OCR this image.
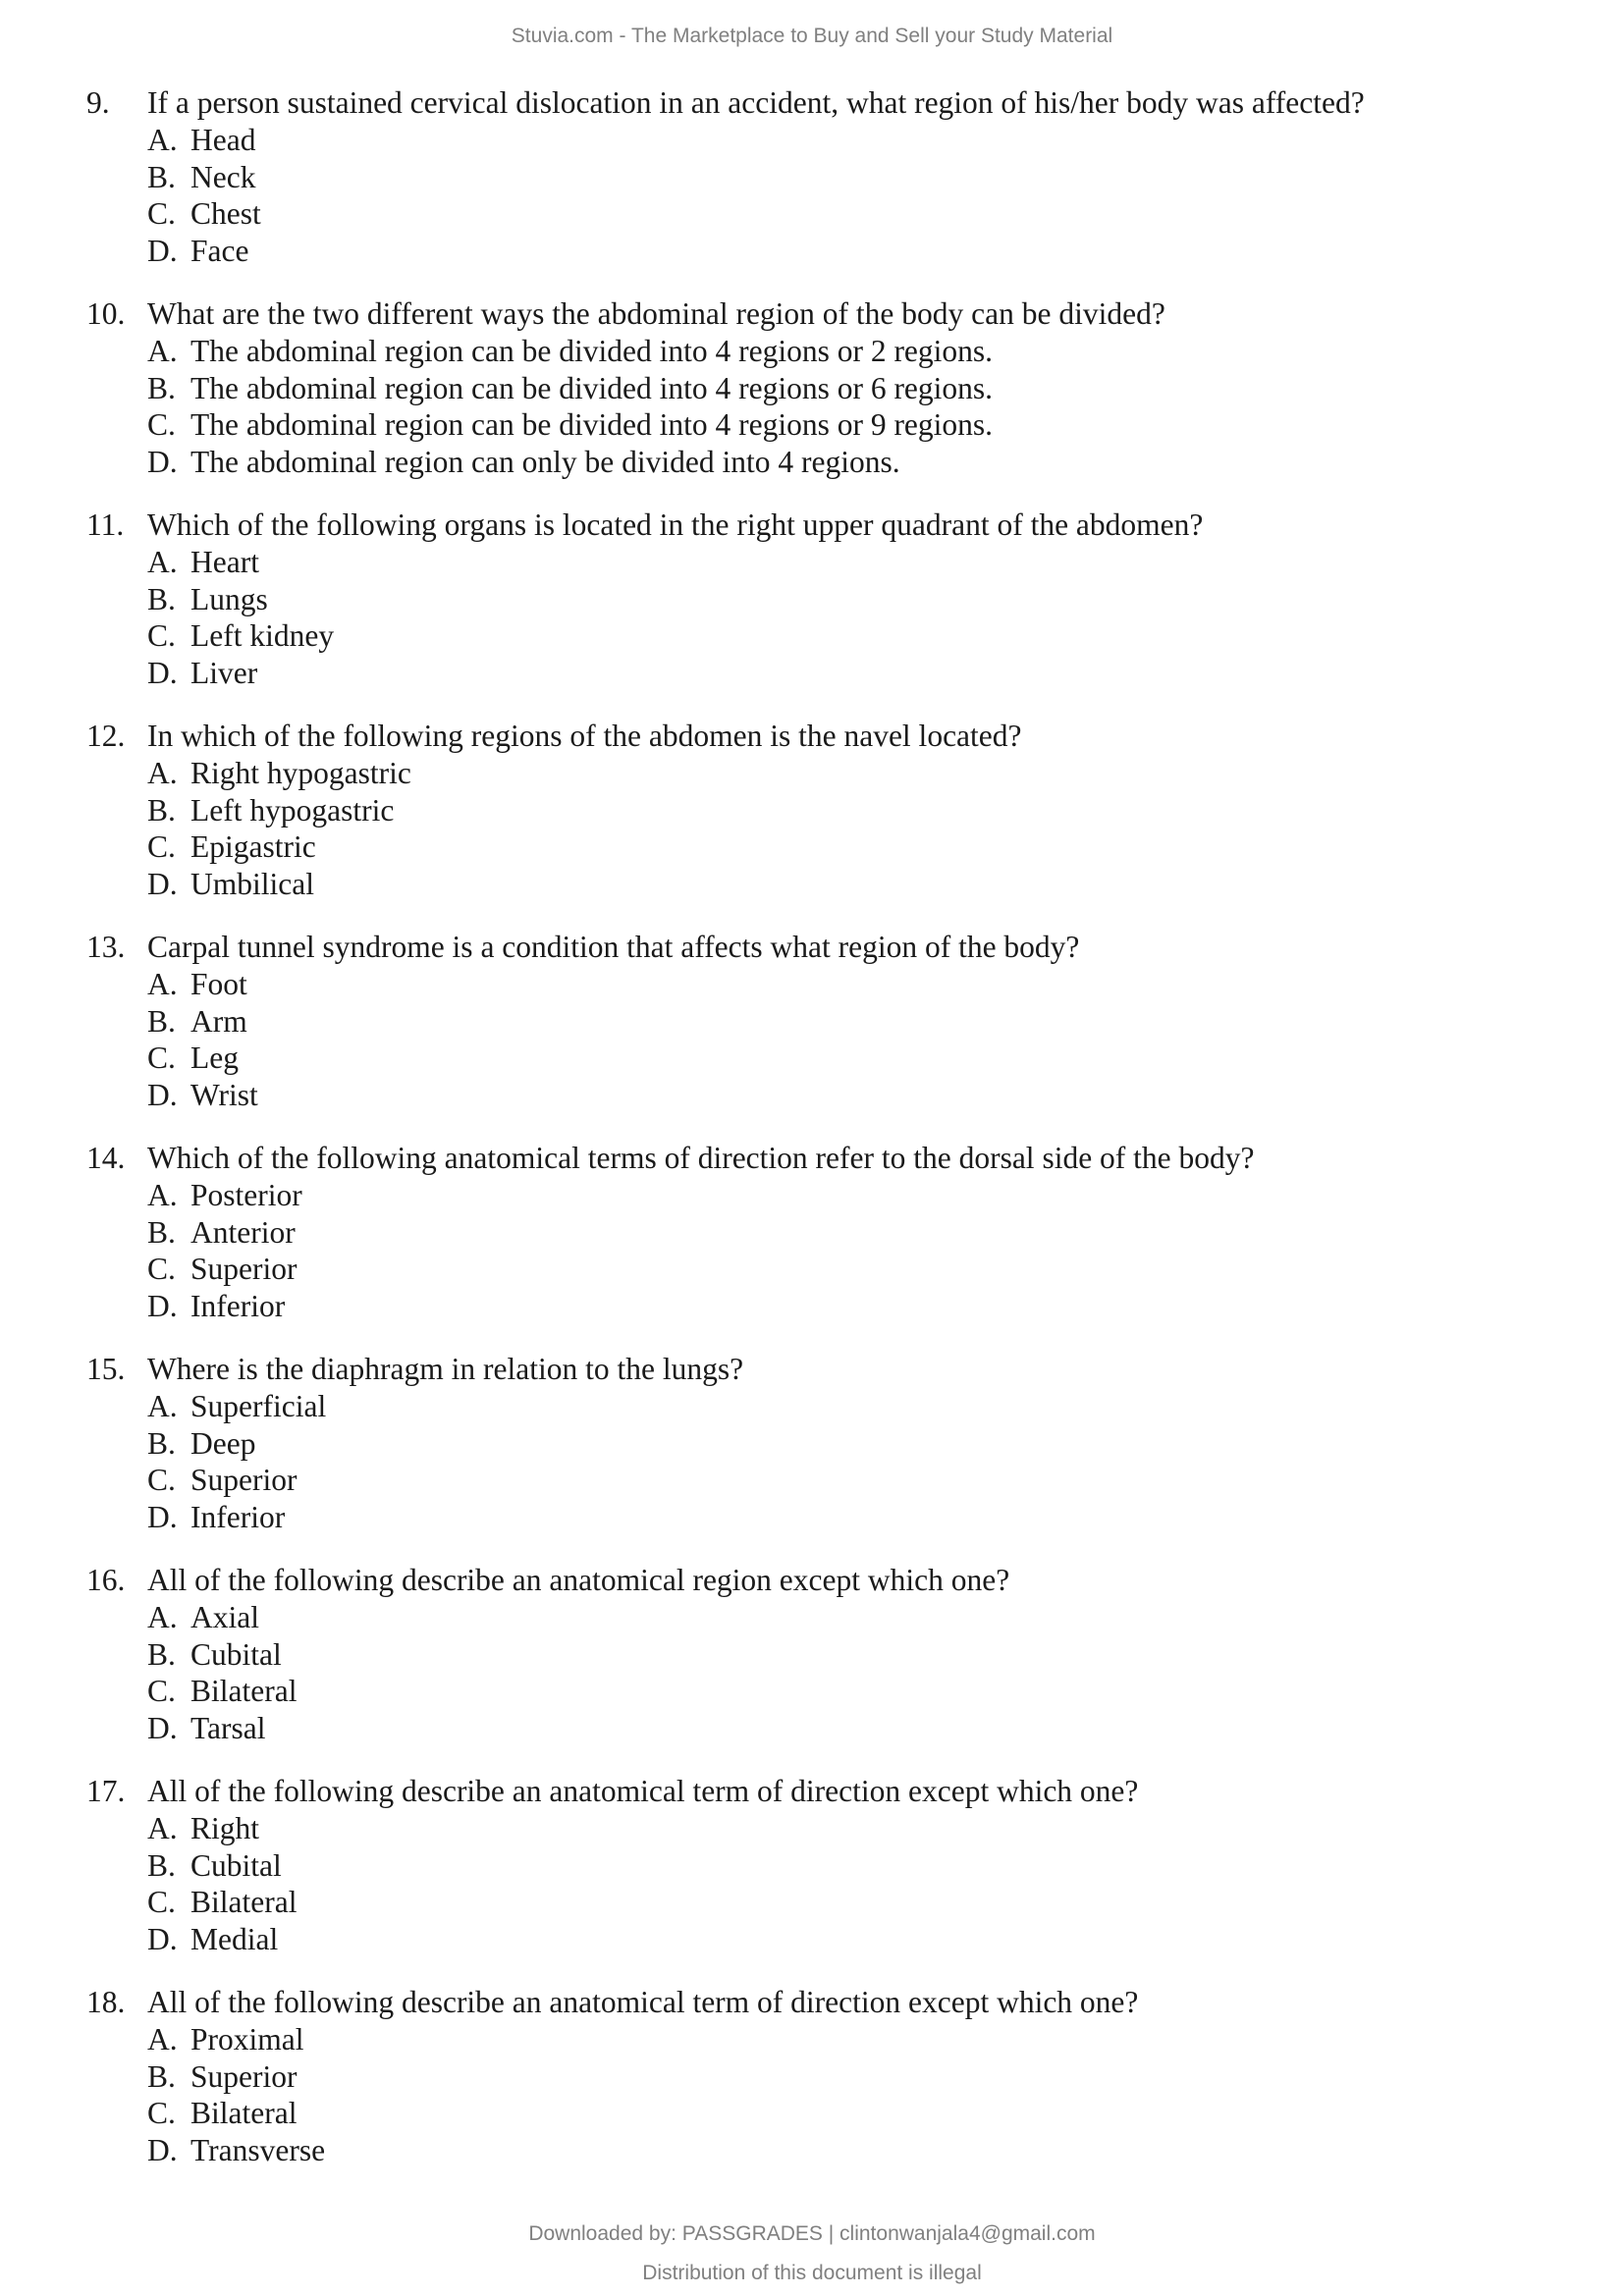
Stuvia.com - The Marketplace to Buy and Sell your Study Material
9. If a person sustained cervical dislocation in an accident, what region of his/her body was affected?
A. Head
B. Neck
C. Chest
D. Face
10. What are the two different ways the abdominal region of the body can be divided?
A. The abdominal region can be divided into 4 regions or 2 regions.
B. The abdominal region can be divided into 4 regions or 6 regions.
C. The abdominal region can be divided into 4 regions or 9 regions.
D. The abdominal region can only be divided into 4 regions.
11. Which of the following organs is located in the right upper quadrant of the abdomen?
A. Heart
B. Lungs
C. Left kidney
D. Liver
12. In which of the following regions of the abdomen is the navel located?
A. Right hypogastric
B. Left hypogastric
C. Epigastric
D. Umbilical
13. Carpal tunnel syndrome is a condition that affects what region of the body?
A. Foot
B. Arm
C. Leg
D. Wrist
14. Which of the following anatomical terms of direction refer to the dorsal side of the body?
A. Posterior
B. Anterior
C. Superior
D. Inferior
15. Where is the diaphragm in relation to the lungs?
A. Superficial
B. Deep
C. Superior
D. Inferior
16. All of the following describe an anatomical region except which one?
A. Axial
B. Cubital
C. Bilateral
D. Tarsal
17. All of the following describe an anatomical term of direction except which one?
A. Right
B. Cubital
C. Bilateral
D. Medial
18. All of the following describe an anatomical term of direction except which one?
A. Proximal
B. Superior
C. Bilateral
D. Transverse
Downloaded by: PASSGRADES | clintonwanjala4@gmail.com
Distribution of this document is illegal
